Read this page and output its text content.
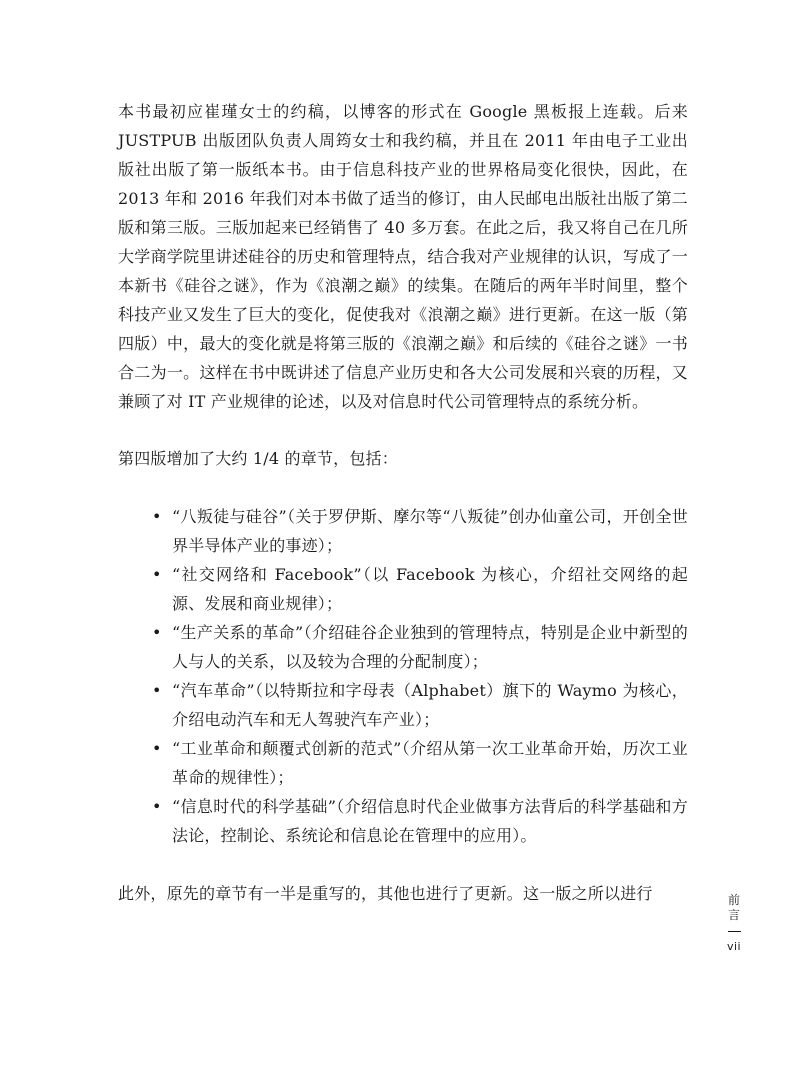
本书最初应崔瑾女士的约稿，以博客的形式在 Google 黑板报上连载。后来 JUSTPUB 出版团队负责人周筠女士和我约稿，并且在 2011 年由电子工业出版社出版了第一版纸本书。由于信息科技产业的世界格局变化很快，因此，在 2013 年和 2016 年我们对本书做了适当的修订，由人民邮电出版社出版了第二版和第三版。三版加起来已经销售了 40 多万套。在此之后，我又将自己在几所大学商学院里讲述硅谷的历史和管理特点，结合我对产业规律的认识，写成了一本新书《硅谷之谜》，作为《浪潮之巅》的续集。在随后的两年半时间里，整个科技产业又发生了巨大的变化，促使我对《浪潮之巅》进行更新。在这一版（第四版）中，最大的变化就是将第三版的《浪潮之巅》和后续的《硅谷之谜》一书合二为一。这样在书中既讲述了信息产业历史和各大公司发展和兴衰的历程，又兼顾了对 IT 产业规律的论述，以及对信息时代公司管理特点的系统分析。

第四版增加了大约 1/4 的章节，包括：

• “八叛徒与硅谷”（关于罗伊斯、摩尔等“八叛徒”创办仙童公司，开创全世界半导体产业的事迹）；
• “社交网络和 Facebook”（以 Facebook 为核心，介绍社交网络的起源、发展和商业规律）；
• “生产关系的革命”（介绍硅谷企业独到的管理特点，特别是企业中新型的人与人的关系，以及较为合理的分配制度）；
• “汽车革命”（以特斯拉和字母表（Alphabet）旗下的 Waymo 为核心，介绍电动汽车和无人驾驶汽车产业）；
• “工业革命和颠覆式创新的范式”（介绍从第一次工业革命开始，历次工业革命的规律性）；
• “信息时代的科学基础”（介绍信息时代企业做事方法背后的科学基础和方法论，控制论、系统论和信息论在管理中的应用）。

此外，原先的章节有一半是重写的，其他也进行了更新。这一版之所以进行	前言
vii
